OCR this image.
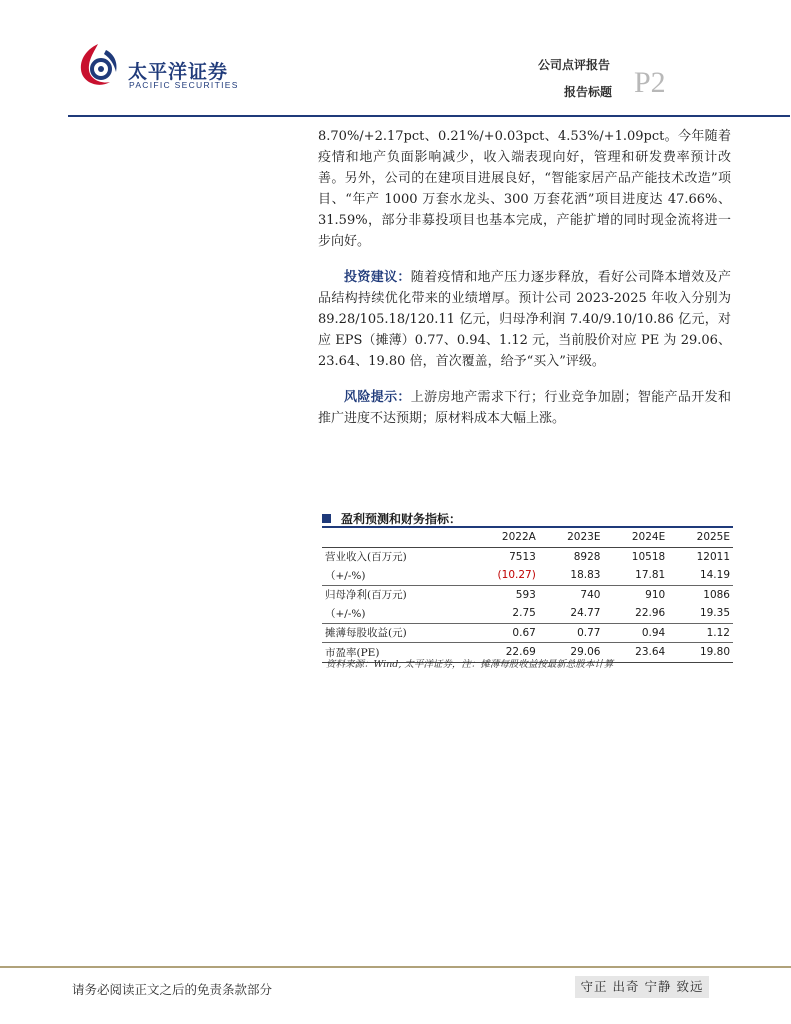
太平洋证券
PACIFIC SECURITIES
公司点评报告
报告标题 P2
8.70%/+2.17pct、0.21%/+0.03pct、4.53%/+1.09pct。今年随着疫情和地产负面影响减少，收入端表现向好，管理和研发费率预计改善。另外，公司的在建项目进展良好，“智能家居产品产能技术改造”项目、“年产 1000 万套水龙头、300 万套花洒”项目进度达 47.66%、31.59%，部分非募投项目也基本完成，产能扩增的同时现金流将进一步向好。
投资建议：随着疫情和地产压力逐步释放，看好公司降本增效及产品结构持续优化带来的业绩增厚。预计公司 2023-2025 年收入分别为 89.28/105.18/120.11 亿元，归母净利润 7.40/9.10/10.86 亿元，对应 EPS（摊薄）0.77、0.94、1.12 元，当前股价对应 PE 为 29.06、23.64、19.80 倍，首次覆盖，给予“买入”评级。
风险提示：上游房地产需求下行；行业竞争加剧；智能产品开发和推广进度不达预期；原材料成本大幅上涨。
盈利预测和财务指标：
	2022A	2023E	2024E	2025E
营业收入(百万元)	7513	8928	10518	12011
（+/-%)	(10.27)	18.83	17.81	14.19
归母净利(百万元)	593	740	910	1086
（+/-%)	2.75	24.77	22.96	19.35
摊薄每股收益(元)	0.67	0.77	0.94	1.12
市盈率(PE)	22.69	29.06	23.64	19.80
资料来源：Wind, 太平洋证券，注：摊薄每股收益按最新总股本计算
请务必阅读正文之后的免责条款部分	守正 出奇 宁静 致远
